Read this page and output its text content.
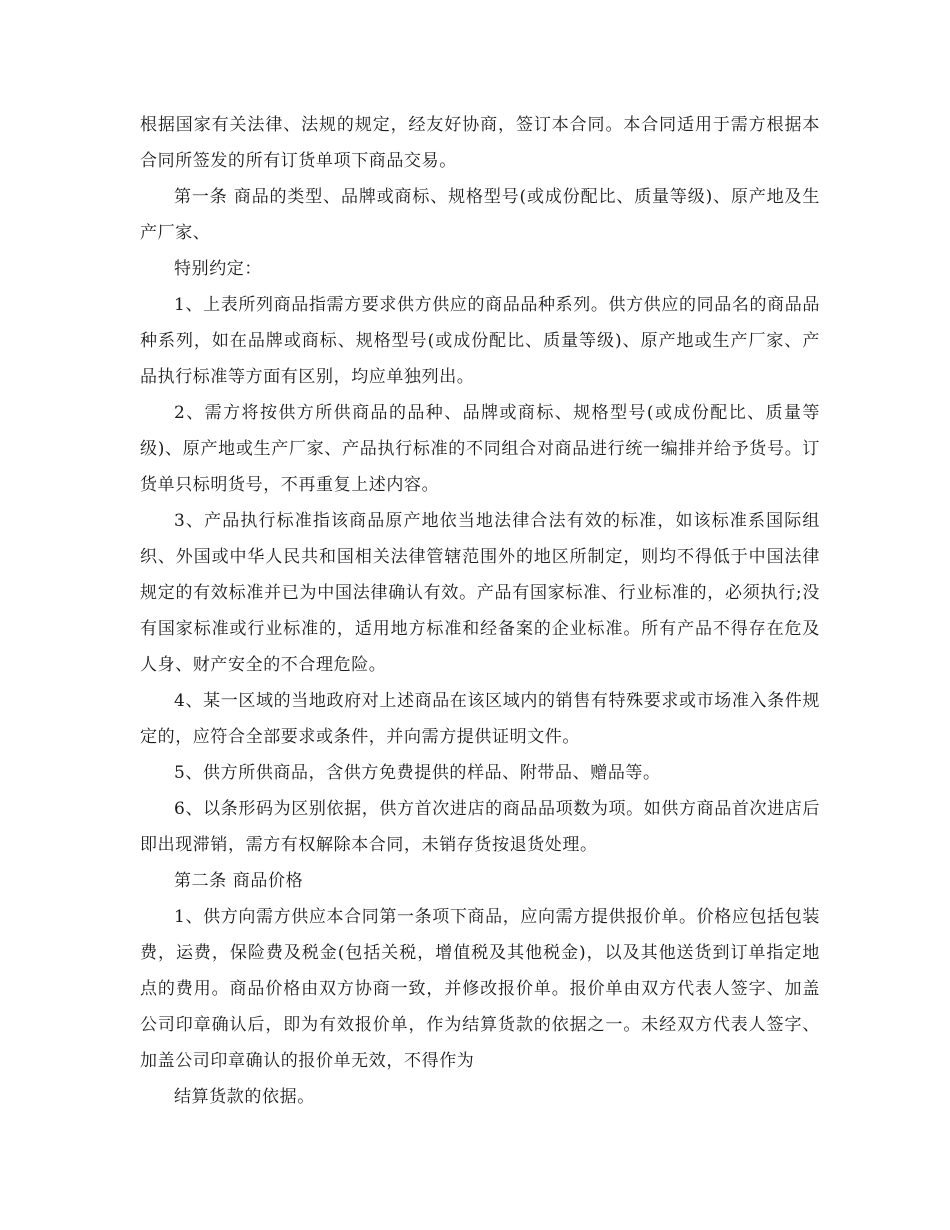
根据国家有关法律、法规的规定，经友好协商，签订本合同。本合同适用于需方根据本合同所签发的所有订货单项下商品交易。

第一条 商品的类型、品牌或商标、规格型号(或成份配比、质量等级)、原产地及生产厂家、

特别约定：

1、上表所列商品指需方要求供方供应的商品品种系列。供方供应的同品名的商品品种系列，如在品牌或商标、规格型号(或成份配比、质量等级)、原产地或生产厂家、产品执行标准等方面有区别，均应单独列出。

2、需方将按供方所供商品的品种、品牌或商标、规格型号(或成份配比、质量等级)、原产地或生产厂家、产品执行标准的不同组合对商品进行统一编排并给予货号。订货单只标明货号，不再重复上述内容。

3、产品执行标准指该商品原产地依当地法律合法有效的标准，如该标准系国际组织、外国或中华人民共和国相关法律管辖范围外的地区所制定，则均不得低于中国法律规定的有效标准并已为中国法律确认有效。产品有国家标准、行业标准的，必须执行;没有国家标准或行业标准的，适用地方标准和经备案的企业标准。所有产品不得存在危及人身、财产安全的不合理危险。

4、某一区域的当地政府对上述商品在该区域内的销售有特殊要求或市场准入条件规定的，应符合全部要求或条件，并向需方提供证明文件。

5、供方所供商品，含供方免费提供的样品、附带品、赠品等。

6、以条形码为区别依据，供方首次进店的商品品项数为项。如供方商品首次进店后即出现滞销，需方有权解除本合同，未销存货按退货处理。

第二条 商品价格

1、供方向需方供应本合同第一条项下商品，应向需方提供报价单。价格应包括包装费，运费，保险费及税金(包括关税，增值税及其他税金)，以及其他送货到订单指定地点的费用。商品价格由双方协商一致，并修改报价单。报价单由双方代表人签字、加盖公司印章确认后，即为有效报价单，作为结算货款的依据之一。未经双方代表人签字、加盖公司印章确认的报价单无效，不得作为

结算货款的依据。
